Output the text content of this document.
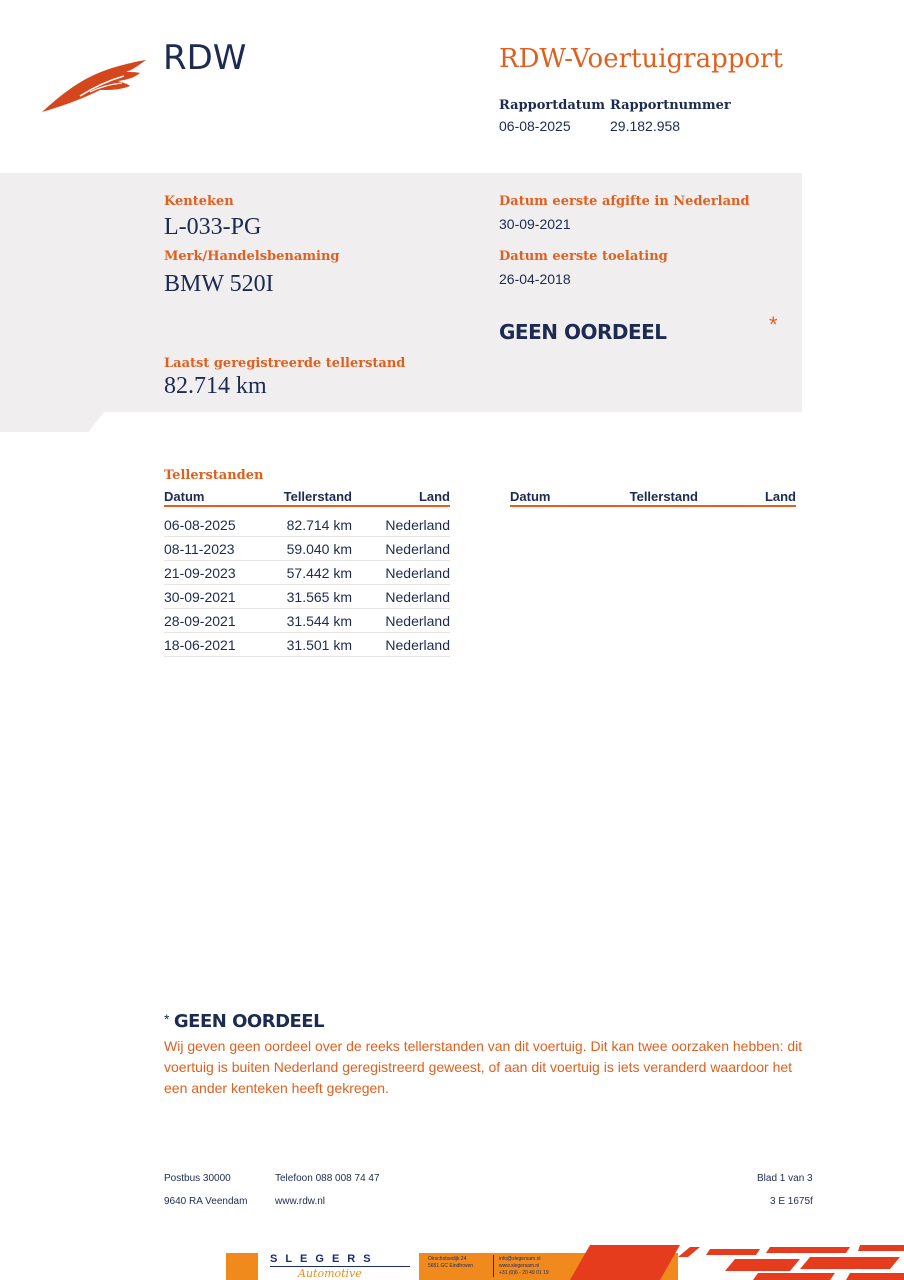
RDW	RDW-Voertuigrapport
Rapportdatum
06-08-2025
Rapportnummer
29.182.958
Kenteken
L-033-PG
Merk/Handelsbenaming
BMW 520I
Laatst geregistreerde tellerstand
82.714 km
Datum eerste afgifte in Nederland
30-09-2021
Datum eerste toelating
26-04-2018
GEEN OORDEEL	*
Tellerstanden
Datum	Tellerstand	Land

06-08-2025	82.714 km	Nederland
08-11-2023	59.040 km	Nederland
21-09-2023	57.442 km	Nederland
30-09-2021	31.565 km	Nederland
28-09-2021	31.544 km	Nederland
18-06-2021	31.501 km	Nederland
Datum	Tellerstand	Land
* GEEN OORDEEL
Wij geven geen oordeel over de reeks tellerstanden van dit voertuig. Dit kan twee oorzaken hebben: dit voertuig is buiten Nederland geregistreerd geweest, of aan dit voertuig is iets veranderd waardoor het een ander kenteken heeft gekregen.
Postbus 30000
9640 RA Veendam
Telefoon 088 008 74 47
www.rdw.nl
Blad 1 van 3
3 E 1675f
SLEGERS
Automotive
Oirschotsedijk 24
5651 GC Eindhoven
info@slegersam.nl
www.slegersam.nl
+31 (0)6 - 20 49 01 19
